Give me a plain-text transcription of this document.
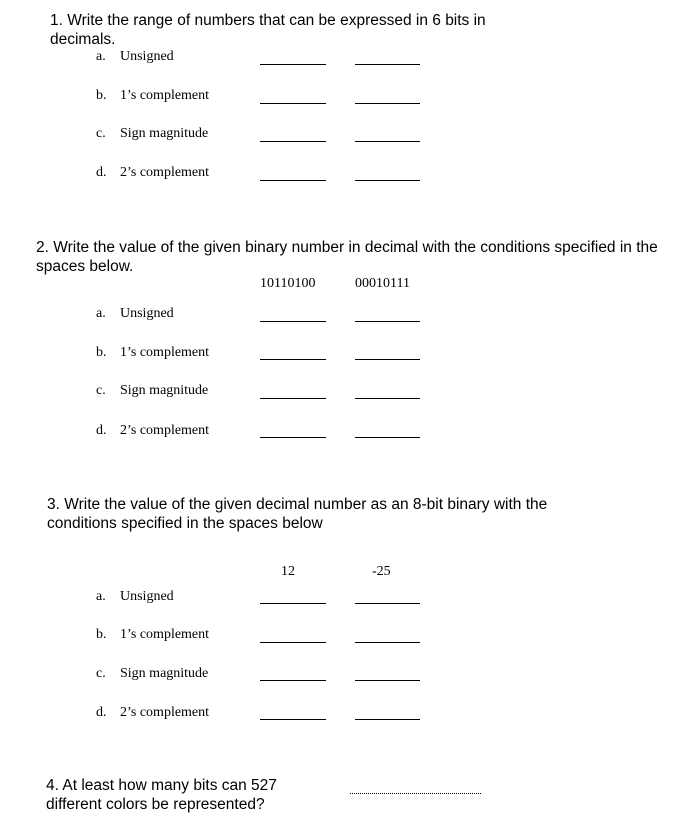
1. Write the range of numbers that can be expressed in 6 bits in decimals.
a. Unsigned
b. 1’s complement
c. Sign magnitude
d. 2’s complement
2. Write the value of the given binary number in decimal with the conditions specified in the spaces below.
10110100	00010111
a. Unsigned
b. 1’s complement
c. Sign magnitude
d. 2’s complement
3. Write the value of the given decimal number as an 8-bit binary with the conditions specified in the spaces below
12	-25
a. Unsigned
b. 1’s complement
c. Sign magnitude
d. 2’s complement
4. At least how many bits can 527 different colors be represented?
